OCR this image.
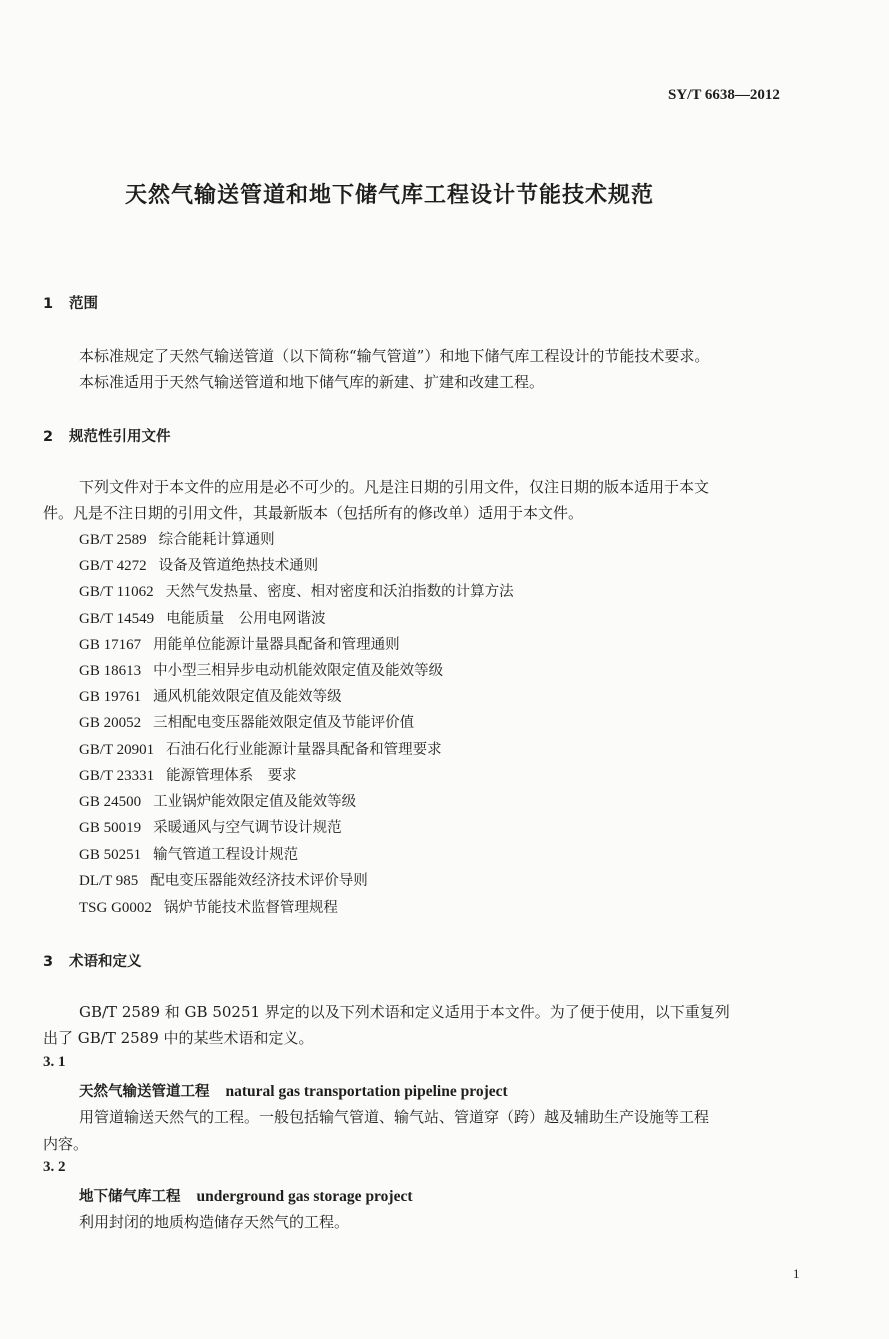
SY/T 6638—2012
天然气输送管道和地下储气库工程设计节能技术规范
1 范围
本标准规定了天然气输送管道（以下简称“输气管道”）和地下储气库工程设计的节能技术要求。
本标准适用于天然气输送管道和地下储气库的新建、扩建和改建工程。
2 规范性引用文件
下列文件对于本文件的应用是必不可少的。凡是注日期的引用文件，仅注日期的版本适用于本文
件。凡是不注日期的引用文件，其最新版本（包括所有的修改单）适用于本文件。
GB/T 2589 综合能耗计算通则
GB/T 4272 设备及管道绝热技术通则
GB/T 11062 天然气发热量、密度、相对密度和沃泊指数的计算方法
GB/T 14549 电能质量　公用电网谐波
GB 17167 用能单位能源计量器具配备和管理通则
GB 18613 中小型三相异步电动机能效限定值及能效等级
GB 19761 通风机能效限定值及能效等级
GB 20052 三相配电变压器能效限定值及节能评价值
GB/T 20901 石油石化行业能源计量器具配备和管理要求
GB/T 23331 能源管理体系　要求
GB 24500 工业锅炉能效限定值及能效等级
GB 50019 采暖通风与空气调节设计规范
GB 50251 输气管道工程设计规范
DL/T 985 配电变压器能效经济技术评价导则
TSG G0002 锅炉节能技术监督管理规程
3 术语和定义
GB/T 2589 和 GB 50251 界定的以及下列术语和定义适用于本文件。为了便于使用，以下重复列
出了 GB/T 2589 中的某些术语和定义。
3. 1
天然气输送管道工程 natural gas transportation pipeline project
用管道输送天然气的工程。一般包括输气管道、输气站、管道穿（跨）越及辅助生产设施等工程
内容。
3. 2
地下储气库工程 underground gas storage project
利用封闭的地质构造储存天然气的工程。
1
